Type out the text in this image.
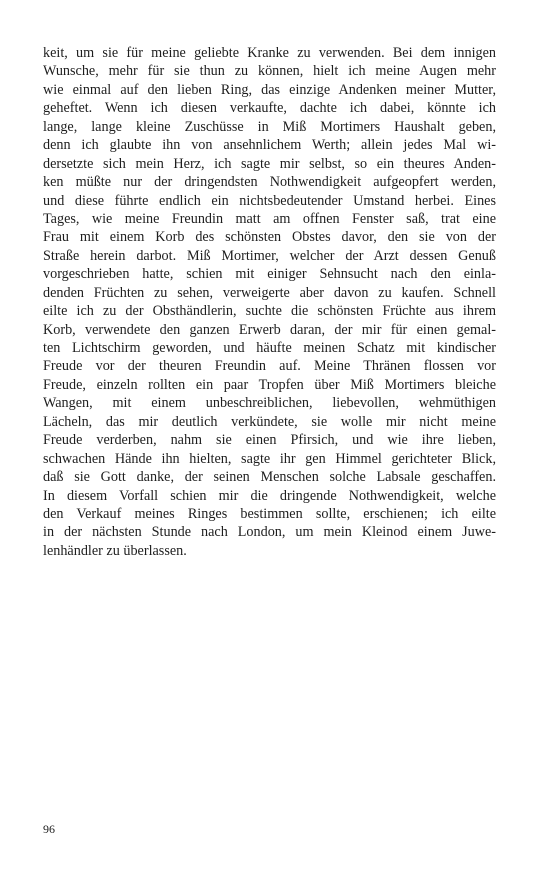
keit, um sie für meine geliebte Kranke zu verwenden. Bei dem innigen
Wunsche, mehr für sie thun zu können, hielt ich meine Augen mehr
wie einmal auf den lieben Ring, das einzige Andenken meiner Mutter,
geheftet. Wenn ich diesen verkaufte, dachte ich dabei, könnte ich
lange, lange kleine Zuschüsse in Miß Mortimers Haushalt geben,
denn ich glaubte ihn von ansehnlichem Werth; allein jedes Mal wi-
dersetzte sich mein Herz, ich sagte mir selbst, so ein theures Anden-
ken müßte nur der dringendsten Nothwendigkeit aufgeopfert werden,
und diese führte endlich ein nichtsbedeutender Umstand herbei. Eines
Tages, wie meine Freundin matt am offnen Fenster saß, trat eine
Frau mit einem Korb des schönsten Obstes davor, den sie von der
Straße herein darbot. Miß Mortimer, welcher der Arzt dessen Genuß
vorgeschrieben hatte, schien mit einiger Sehnsucht nach den einla-
denden Früchten zu sehen, verweigerte aber davon zu kaufen. Schnell
eilte ich zu der Obsthändlerin, suchte die schönsten Früchte aus ihrem
Korb, verwendete den ganzen Erwerb daran, der mir für einen gemal-
ten Lichtschirm geworden, und häufte meinen Schatz mit kindischer
Freude vor der theuren Freundin auf. Meine Thränen flossen vor
Freude, einzeln rollten ein paar Tropfen über Miß Mortimers bleiche
Wangen, mit einem unbeschreiblichen, liebevollen, wehmüthigen
Lächeln, das mir deutlich verkündete, sie wolle mir nicht meine
Freude verderben, nahm sie einen Pfirsich, und wie ihre lieben,
schwachen Hände ihn hielten, sagte ihr gen Himmel gerichteter Blick,
daß sie Gott danke, der seinen Menschen solche Labsale geschaffen.
In diesem Vorfall schien mir die dringende Nothwendigkeit, welche
den Verkauf meines Ringes bestimmen sollte, erschienen; ich eilte
in der nächsten Stunde nach London, um mein Kleinod einem Juwe-
lenhändler zu überlassen.
96
